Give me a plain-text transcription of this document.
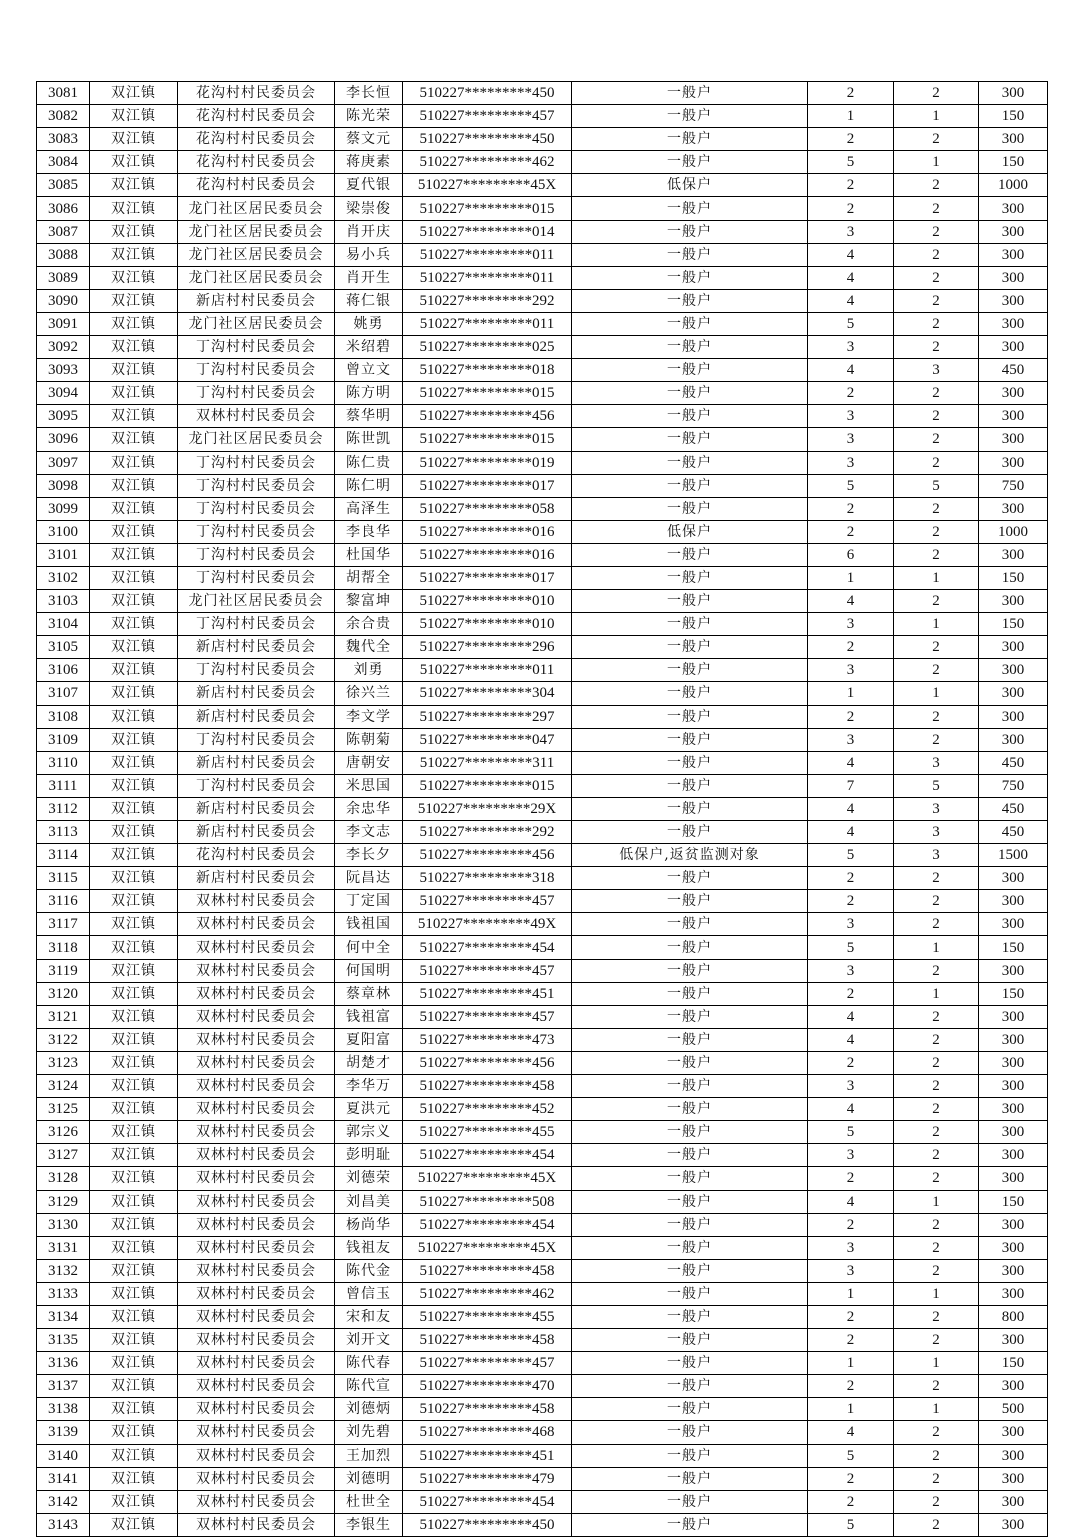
3081	双江镇	花沟村村民委员会	李长恒	510227*********450	一般户	2	2	300
3082	双江镇	花沟村村民委员会	陈光荣	510227*********457	一般户	1	1	150
3083	双江镇	花沟村村民委员会	蔡文元	510227*********450	一般户	2	2	300
3084	双江镇	花沟村村民委员会	蒋庚素	510227*********462	一般户	5	1	150
3085	双江镇	花沟村村民委员会	夏代银	510227*********45X	低保户	2	2	1000
3086	双江镇	龙门社区居民委员会	梁崇俊	510227*********015	一般户	2	2	300
3087	双江镇	龙门社区居民委员会	肖开庆	510227*********014	一般户	3	2	300
3088	双江镇	龙门社区居民委员会	易小兵	510227*********011	一般户	4	2	300
3089	双江镇	龙门社区居民委员会	肖开生	510227*********011	一般户	4	2	300
3090	双江镇	新店村村民委员会	蒋仁银	510227*********292	一般户	4	2	300
3091	双江镇	龙门社区居民委员会	姚勇	510227*********011	一般户	5	2	300
3092	双江镇	丁沟村村民委员会	米绍碧	510227*********025	一般户	3	2	300
3093	双江镇	丁沟村村民委员会	曾立文	510227*********018	一般户	4	3	450
3094	双江镇	丁沟村村民委员会	陈方明	510227*********015	一般户	2	2	300
3095	双江镇	双林村村民委员会	蔡华明	510227*********456	一般户	3	2	300
3096	双江镇	龙门社区居民委员会	陈世凯	510227*********015	一般户	3	2	300
3097	双江镇	丁沟村村民委员会	陈仁贵	510227*********019	一般户	3	2	300
3098	双江镇	丁沟村村民委员会	陈仁明	510227*********017	一般户	5	5	750
3099	双江镇	丁沟村村民委员会	高泽生	510227*********058	一般户	2	2	300
3100	双江镇	丁沟村村民委员会	李良华	510227*********016	低保户	2	2	1000
3101	双江镇	丁沟村村民委员会	杜国华	510227*********016	一般户	6	2	300
3102	双江镇	丁沟村村民委员会	胡帮全	510227*********017	一般户	1	1	150
3103	双江镇	龙门社区居民委员会	黎富坤	510227*********010	一般户	4	2	300
3104	双江镇	丁沟村村民委员会	余合贵	510227*********010	一般户	3	1	150
3105	双江镇	新店村村民委员会	魏代全	510227*********296	一般户	2	2	300
3106	双江镇	丁沟村村民委员会	刘勇	510227*********011	一般户	3	2	300
3107	双江镇	新店村村民委员会	徐兴兰	510227*********304	一般户	1	1	300
3108	双江镇	新店村村民委员会	李文学	510227*********297	一般户	2	2	300
3109	双江镇	丁沟村村民委员会	陈朝菊	510227*********047	一般户	3	2	300
3110	双江镇	新店村村民委员会	唐朝安	510227*********311	一般户	4	3	450
3111	双江镇	丁沟村村民委员会	米思国	510227*********015	一般户	7	5	750
3112	双江镇	新店村村民委员会	余忠华	510227*********29X	一般户	4	3	450
3113	双江镇	新店村村民委员会	李文志	510227*********292	一般户	4	3	450
3114	双江镇	花沟村村民委员会	李长夕	510227*********456	低保户,返贫监测对象	5	3	1500
3115	双江镇	新店村村民委员会	阮昌达	510227*********318	一般户	2	2	300
3116	双江镇	双林村村民委员会	丁定国	510227*********457	一般户	2	2	300
3117	双江镇	双林村村民委员会	钱祖国	510227*********49X	一般户	3	2	300
3118	双江镇	双林村村民委员会	何中全	510227*********454	一般户	5	1	150
3119	双江镇	双林村村民委员会	何国明	510227*********457	一般户	3	2	300
3120	双江镇	双林村村民委员会	蔡章林	510227*********451	一般户	2	1	150
3121	双江镇	双林村村民委员会	钱祖富	510227*********457	一般户	4	2	300
3122	双江镇	双林村村民委员会	夏阳富	510227*********473	一般户	4	2	300
3123	双江镇	双林村村民委员会	胡楚才	510227*********456	一般户	2	2	300
3124	双江镇	双林村村民委员会	李华万	510227*********458	一般户	3	2	300
3125	双江镇	双林村村民委员会	夏洪元	510227*********452	一般户	4	2	300
3126	双江镇	双林村村民委员会	郭宗义	510227*********455	一般户	5	2	300
3127	双江镇	双林村村民委员会	彭明耻	510227*********454	一般户	3	2	300
3128	双江镇	双林村村民委员会	刘德荣	510227*********45X	一般户	2	2	300
3129	双江镇	双林村村民委员会	刘昌美	510227*********508	一般户	4	1	150
3130	双江镇	双林村村民委员会	杨尚华	510227*********454	一般户	2	2	300
3131	双江镇	双林村村民委员会	钱祖友	510227*********45X	一般户	3	2	300
3132	双江镇	双林村村民委员会	陈代金	510227*********458	一般户	3	2	300
3133	双江镇	双林村村民委员会	曾信玉	510227*********462	一般户	1	1	300
3134	双江镇	双林村村民委员会	宋和友	510227*********455	一般户	2	2	800
3135	双江镇	双林村村民委员会	刘开文	510227*********458	一般户	2	2	300
3136	双江镇	双林村村民委员会	陈代春	510227*********457	一般户	1	1	150
3137	双江镇	双林村村民委员会	陈代宣	510227*********470	一般户	2	2	300
3138	双江镇	双林村村民委员会	刘德炳	510227*********458	一般户	1	1	500
3139	双江镇	双林村村民委员会	刘先碧	510227*********468	一般户	4	2	300
3140	双江镇	双林村村民委员会	王加烈	510227*********451	一般户	5	2	300
3141	双江镇	双林村村民委员会	刘德明	510227*********479	一般户	2	2	300
3142	双江镇	双林村村民委员会	杜世全	510227*********454	一般户	2	2	300
3143	双江镇	双林村村民委员会	李银生	510227*********450	一般户	5	2	300
